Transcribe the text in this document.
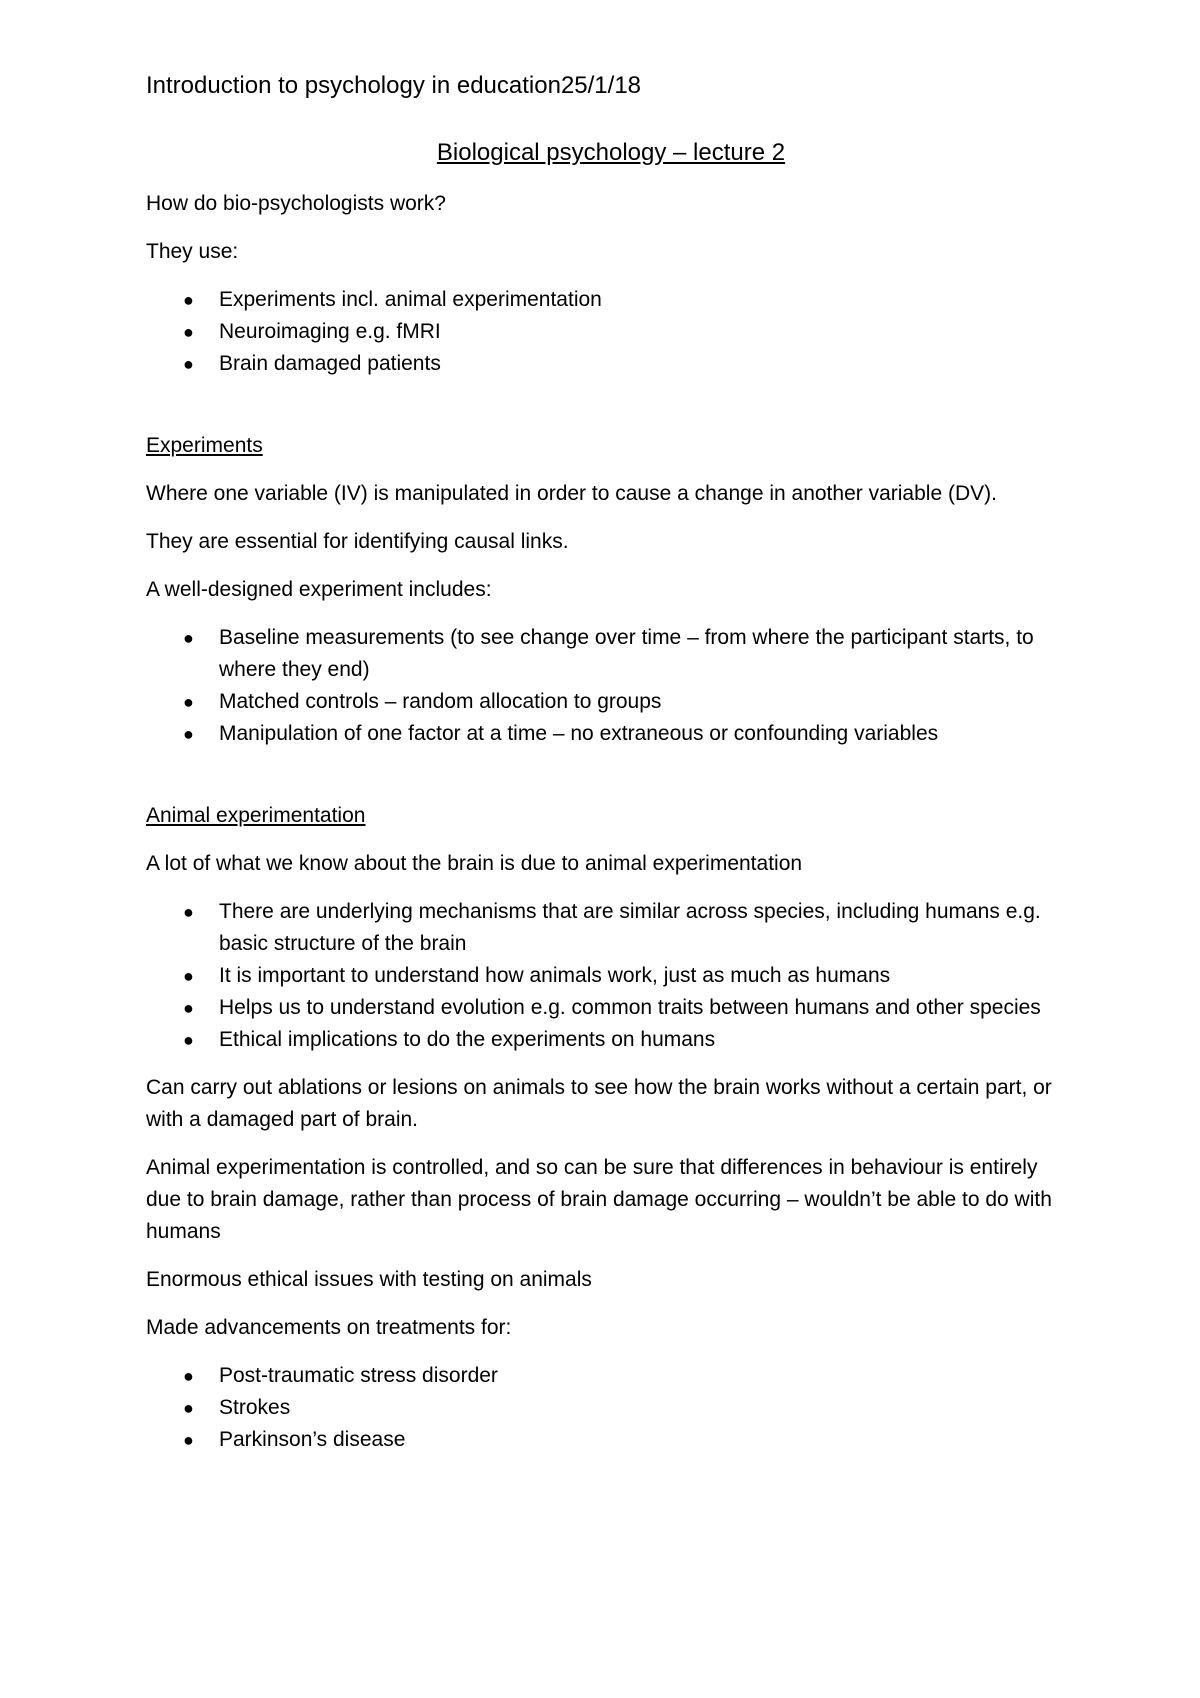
Introduction to psychology in education25/1/18
Biological psychology – lecture 2

How do bio-psychologists work?

They use:

● Experiments incl. animal experimentation
● Neuroimaging e.g. fMRI
● Brain damaged patients

Experiments

Where one variable (IV) is manipulated in order to cause a change in another variable (DV).

They are essential for identifying causal links.

A well-designed experiment includes:

● Baseline measurements (to see change over time – from where the participant starts, to where they end)
● Matched controls – random allocation to groups
● Manipulation of one factor at a time – no extraneous or confounding variables

Animal experimentation

A lot of what we know about the brain is due to animal experimentation

● There are underlying mechanisms that are similar across species, including humans e.g. basic structure of the brain
● It is important to understand how animals work, just as much as humans
● Helps us to understand evolution e.g. common traits between humans and other species
● Ethical implications to do the experiments on humans

Can carry out ablations or lesions on animals to see how the brain works without a certain part, or with a damaged part of brain.

Animal experimentation is controlled, and so can be sure that differences in behaviour is entirely due to brain damage, rather than process of brain damage occurring – wouldn’t be able to do with humans

Enormous ethical issues with testing on animals

Made advancements on treatments for:

● Post-traumatic stress disorder
● Strokes
● Parkinson’s disease
